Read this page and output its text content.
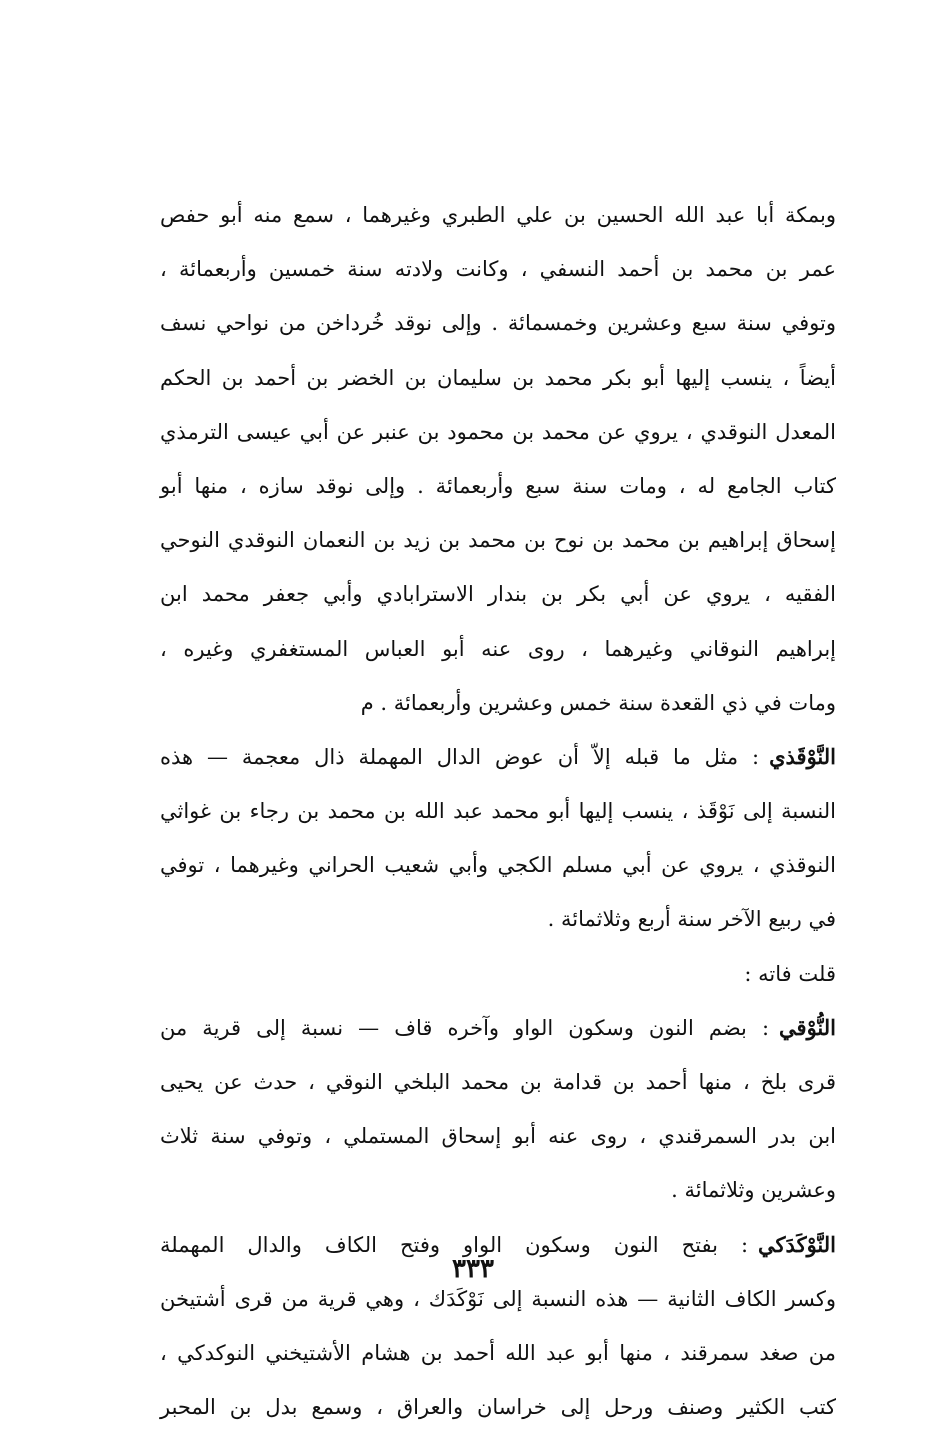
وبمكة أبا عبد الله الحسين بن علي الطبري وغيرهما ، سمع منه أبو حفص
عمر بن محمد بن أحمد النسفي ، وكانت ولادته سنة خمسين وأربعمائة ،
وتوفي سنة سبع وعشرين وخمسمائة . وإلى نوقد خُرداخن من نواحي نسف
أيضاً ، ينسب إليها أبو بكر محمد بن سليمان بن الخضر بن أحمد بن الحكم
المعدل النوقدي ، يروي عن محمد بن محمود بن عنبر عن أبي عيسى الترمذي
كتاب الجامع له ، ومات سنة سبع وأربعمائة . وإلى نوقد سازه ، منها أبو
إسحاق إبراهيم بن محمد بن نوح بن محمد بن زيد بن النعمان النوقدي النوحي
الفقيه ، يروي عن أبي بكر بن بندار الاسترابادي وأبي جعفر محمد ابن
إبراهيم النوقاني وغيرهما ، روى عنه أبو العباس المستغفري وغيره ،
ومات في ذي القعدة سنة خمس وعشرين وأربعمائة . م
النَّوْقَذي: مثل ما قبله إلاّ أن عوض الدال المهملة ذال معجمة — هذه
النسبة إلى نَوْقَذ ، ينسب إليها أبو محمد عبد الله بن محمد بن رجاء بن غواثي
النوقذي ، يروي عن أبي مسلم الكجي وأبي شعيب الحراني وغيرهما ، توفي
في ربيع الآخر سنة أربع وثلاثمائة .
قلت فاته :
النُّوْقي: بضم النون وسكون الواو وآخره قاف — نسبة إلى قرية من
قرى بلخ ، منها أحمد بن قدامة بن محمد البلخي النوقي ، حدث عن يحيى
ابن بدر السمرقندي ، روى عنه أبو إسحاق المستملي ، وتوفي سنة ثلاث
وعشرين وثلاثمائة .
النَّوْكَدَكي: بفتح النون وسكون الواو وفتح الكاف والدال المهملة
وكسر الكاف الثانية — هذه النسبة إلى نَوْكَدَك ، وهي قرية من قرى أشتيخن
من صغد سمرقند ، منها أبو عبد الله أحمد بن هشام الأشتيخني النوكدكي ،
كتب الكثير وصنف ورحل إلى خراسان والعراق ، وسمع بدل بن المحبر
٣٣٣
